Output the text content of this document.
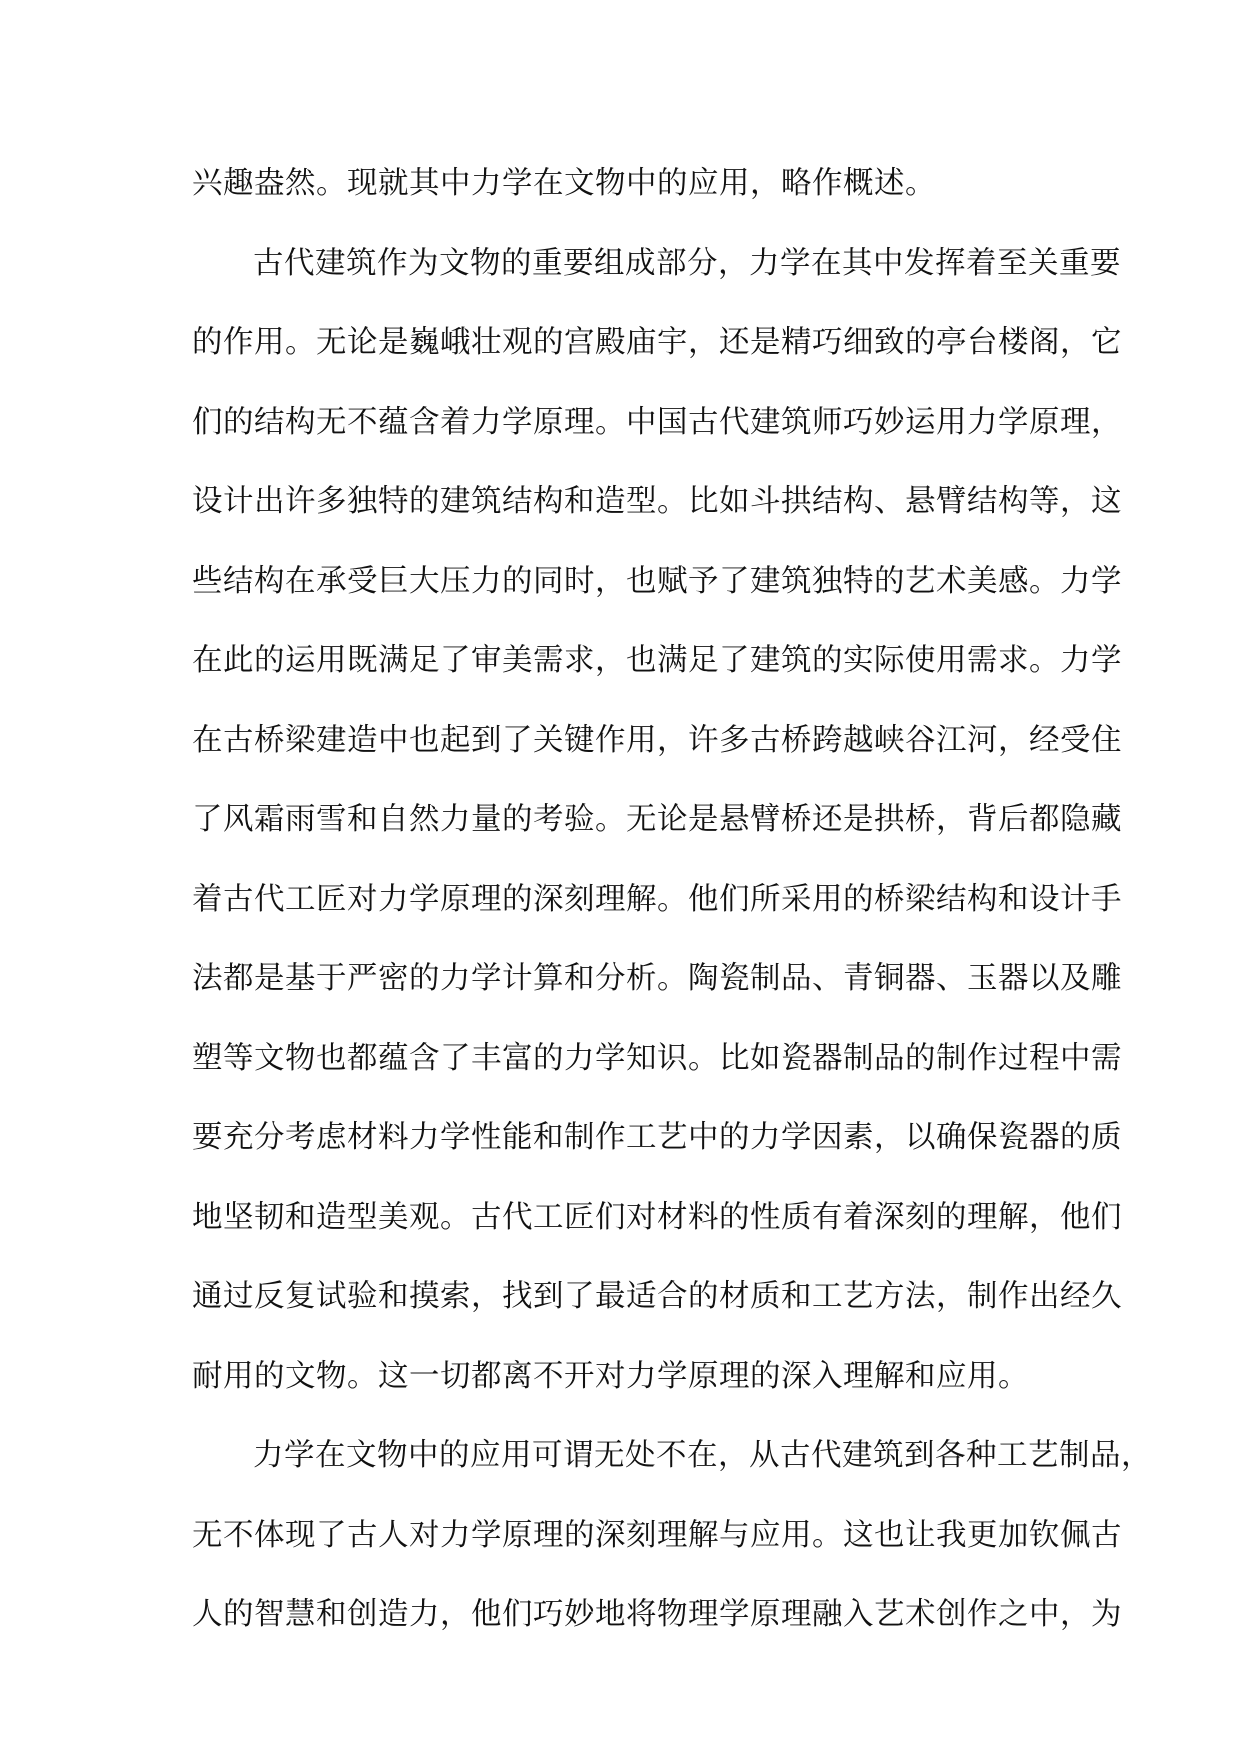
兴趣盎然。现就其中力学在文物中的应用，略作概述。
古代建筑作为文物的重要组成部分，力学在其中发挥着至关重要
的作用。无论是巍峨壮观的宫殿庙宇，还是精巧细致的亭台楼阁，它
们的结构无不蕴含着力学原理。中国古代建筑师巧妙运用力学原理，
设计出许多独特的建筑结构和造型。比如斗拱结构、悬臂结构等，这
些结构在承受巨大压力的同时，也赋予了建筑独特的艺术美感。力学
在此的运用既满足了审美需求，也满足了建筑的实际使用需求。力学
在古桥梁建造中也起到了关键作用，许多古桥跨越峡谷江河，经受住
了风霜雨雪和自然力量的考验。无论是悬臂桥还是拱桥，背后都隐藏
着古代工匠对力学原理的深刻理解。他们所采用的桥梁结构和设计手
法都是基于严密的力学计算和分析。陶瓷制品、青铜器、玉器以及雕
塑等文物也都蕴含了丰富的力学知识。比如瓷器制品的制作过程中需
要充分考虑材料力学性能和制作工艺中的力学因素，以确保瓷器的质
地坚韧和造型美观。古代工匠们对材料的性质有着深刻的理解，他们
通过反复试验和摸索，找到了最适合的材质和工艺方法，制作出经久
耐用的文物。这一切都离不开对力学原理的深入理解和应用。
力学在文物中的应用可谓无处不在，从古代建筑到各种工艺制品，
无不体现了古人对力学原理的深刻理解与应用。这也让我更加钦佩古
人的智慧和创造力，他们巧妙地将物理学原理融入艺术创作之中，为
